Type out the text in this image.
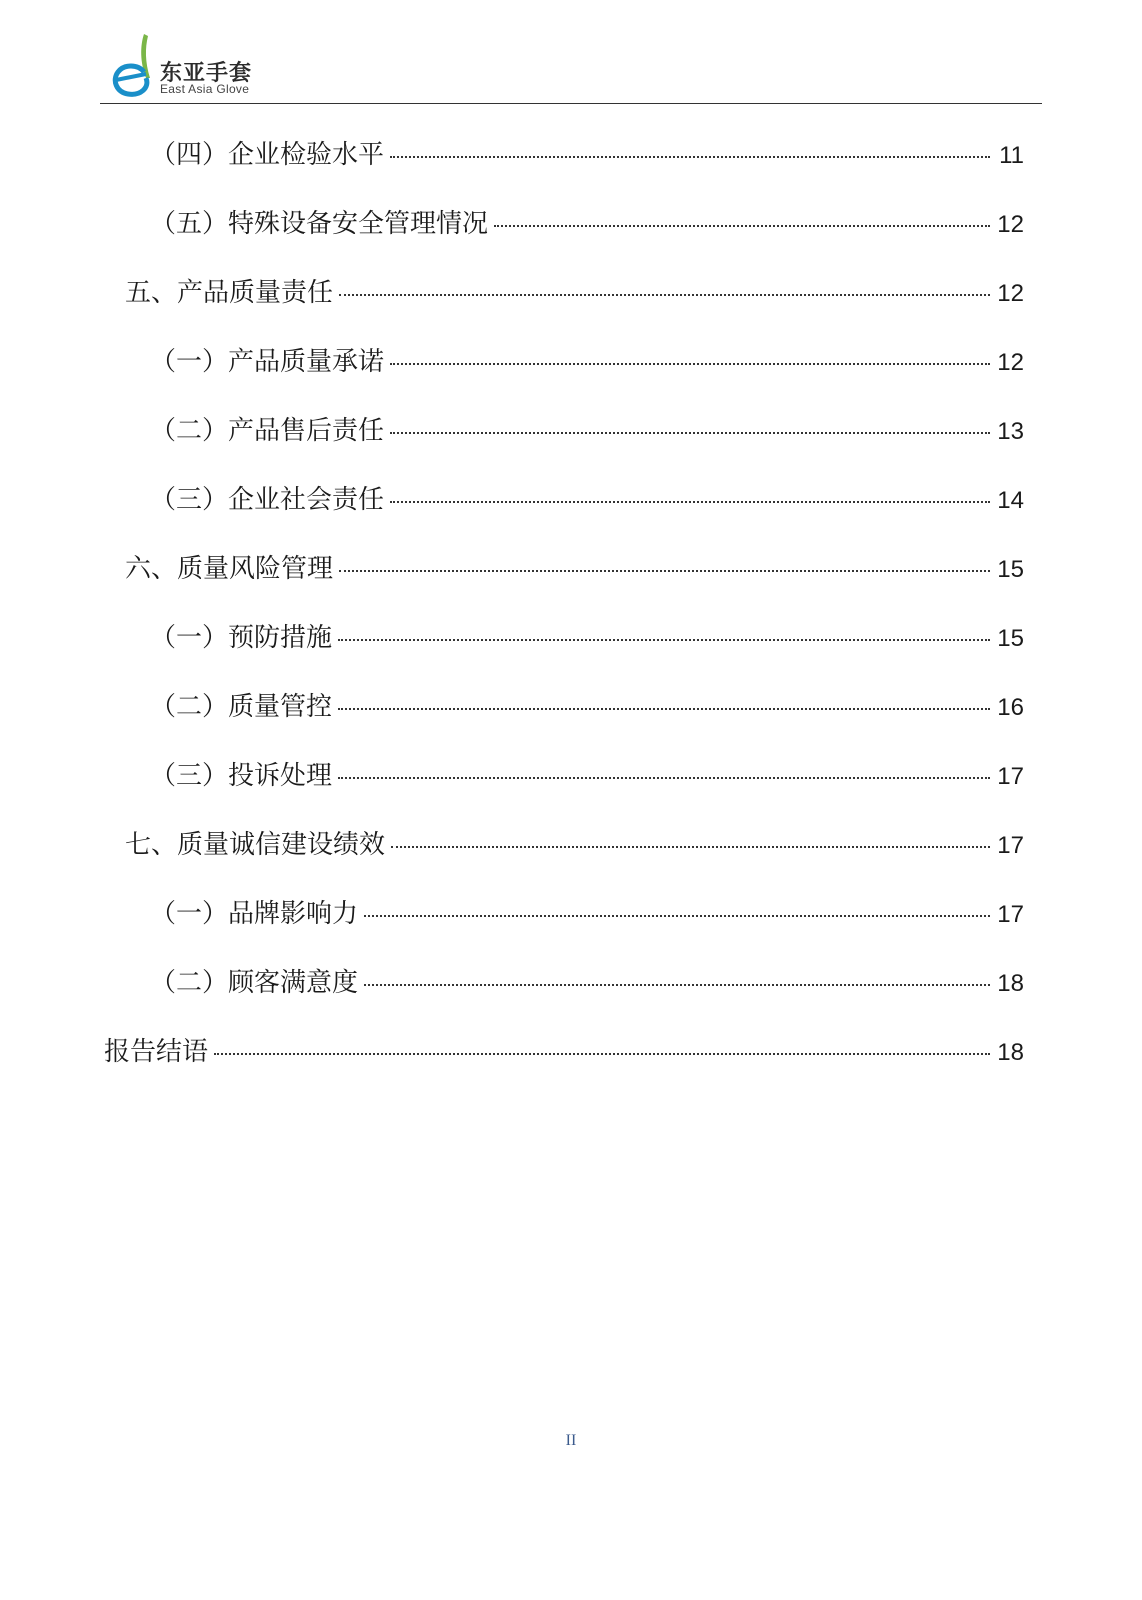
东亚手套
East Asia Glove
（四）企业检验水平	11
（五）特殊设备安全管理情况	12
五、产品质量责任	12
（一）产品质量承诺	12
（二）产品售后责任	13
（三）企业社会责任	14
六、质量风险管理	15
（一）预防措施	15
（二）质量管控	16
（三）投诉处理	17
七、质量诚信建设绩效	17
（一）品牌影响力	17
（二）顾客满意度	18
报告结语	18
II
